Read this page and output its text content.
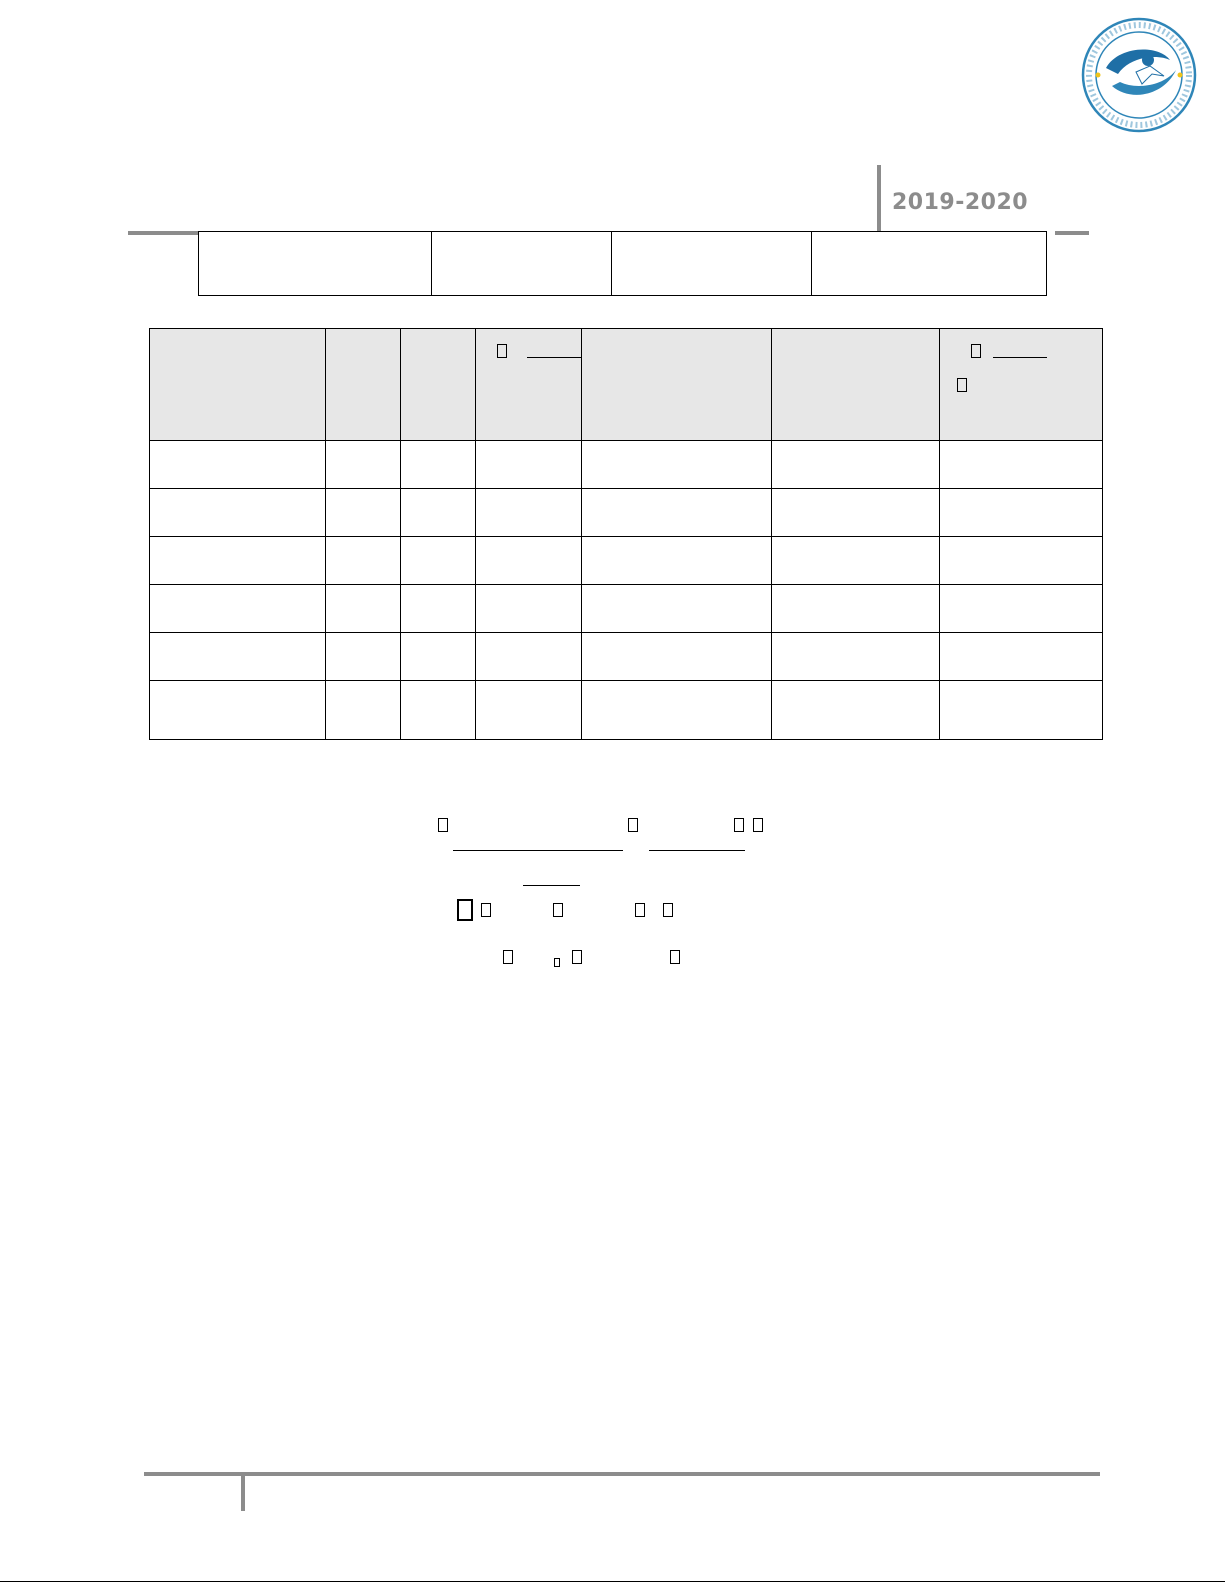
2019-2020
